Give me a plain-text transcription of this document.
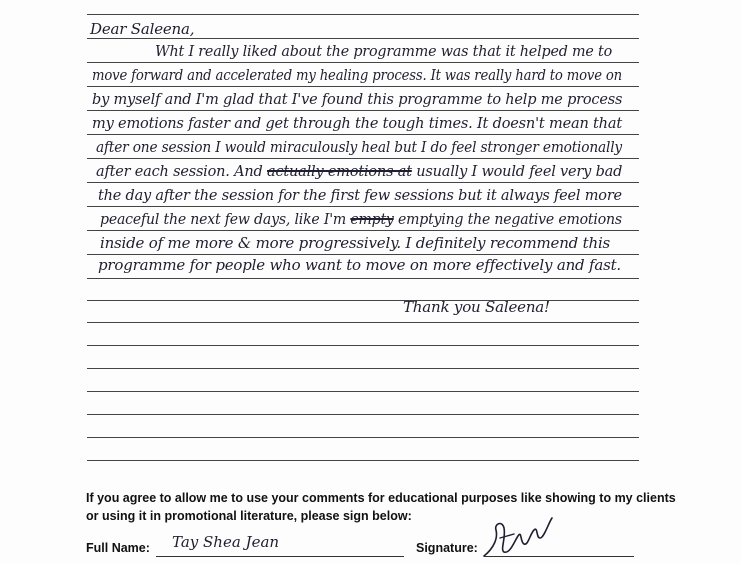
Dear Saleena,
Wht I really liked about the programme was that it helped me to
move forward and accelerated my healing process. It was really hard to move on
by myself and I'm glad that I've found this programme to help me process
my emotions faster and get through the tough times. It doesn't mean that
after one session I would miraculously heal but I do feel stronger emotionally
after each session. And actually emotions at usually I would feel very bad
the day after the session for the first few sessions but it always feel more
peaceful the next few days, like I'm empty emptying the negative emotions
inside of me more & more progressively. I definitely recommend this
programme for people who want to move on more effectively and fast.
Thank you Saleena!
If you agree to allow me to use your comments for educational purposes like showing to my clients or using it in promotional literature, please sign below:
Full Name: Tay Shea Jean	Signature:
